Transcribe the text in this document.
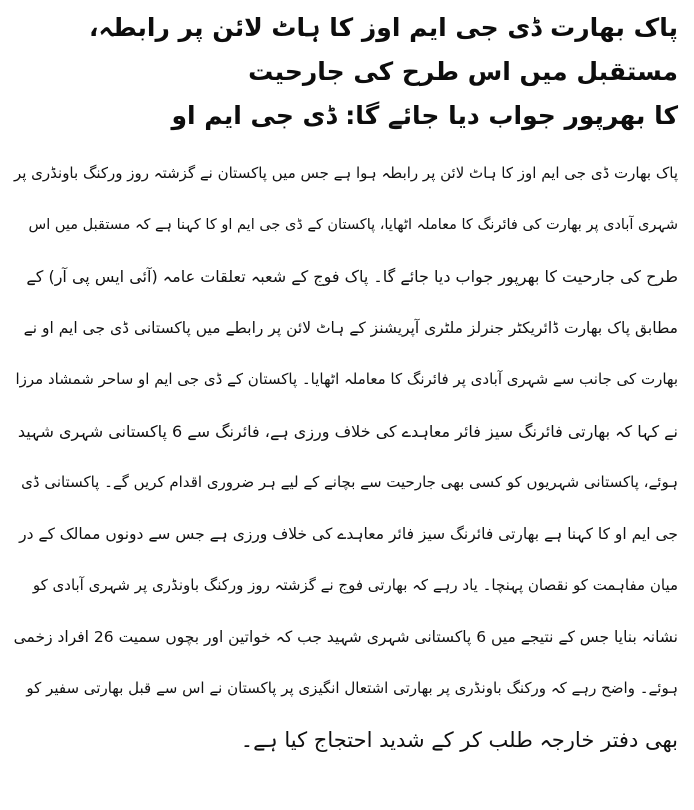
پاک بھارت ڈی جی ایم اوز کا ہاٹ لائن پر رابطہ، مستقبل میں اس طرح کی جارحیت
کا بھرپور جواب دیا جائے گا: ڈی جی ایم او
پاک بھارت ڈی جی ایم اوز کا ہاٹ لائن پر رابطہ ہوا ہے جس میں پاکستان نے گزشتہ روز ورکنگ باونڈری پر
شہری آبادی پر بھارت کی فائرنگ کا معاملہ اٹھایا، پاکستان کے ڈی جی ایم او کا کہنا ہے کہ مستقبل میں اس
طرح کی جارحیت کا بھرپور جواب دیا جائے گا۔ پاک فوج کے شعبہ تعلقات عامہ (آئی ایس پی آر) کے
مطابق پاک بھارت ڈائریکٹر جنرلز ملٹری آپریشنز کے ہاٹ لائن پر رابطے میں پاکستانی ڈی جی ایم او نے
بھارت کی جانب سے شہری آبادی پر فائرنگ کا معاملہ اٹھایا۔ پاکستان کے ڈی جی ایم او ساحر شمشاد مرزا
نے کہا کہ بھارتی فائرنگ سیز فائر معاہدے کی خلاف ورزی ہے، فائرنگ سے 6 پاکستانی شہری شہید
ہوئے، پاکستانی شہریوں کو کسی بھی جارحیت سے بچانے کے لیے ہر ضروری اقدام کریں گے۔ پاکستانی ڈی
جی ایم او کا کہنا ہے بھارتی فائرنگ سیز فائر معاہدے کی خلاف ورزی ہے جس سے دونوں ممالک کے در
میان مفاہمت کو نقصان پہنچا۔ یاد رہے کہ بھارتی فوج نے گزشتہ روز ورکنگ باونڈری پر شہری آبادی کو
نشانہ بنایا جس کے نتیجے میں 6 پاکستانی شہری شہید جب کہ خواتین اور بچوں سمیت 26 افراد زخمی
ہوئے۔ واضح رہے کہ ورکنگ باونڈری پر بھارتی اشتعال انگیزی پر پاکستان نے اس سے قبل بھارتی سفیر کو
بھی دفتر خارجہ طلب کر کے شدید احتجاج کیا ہے۔
